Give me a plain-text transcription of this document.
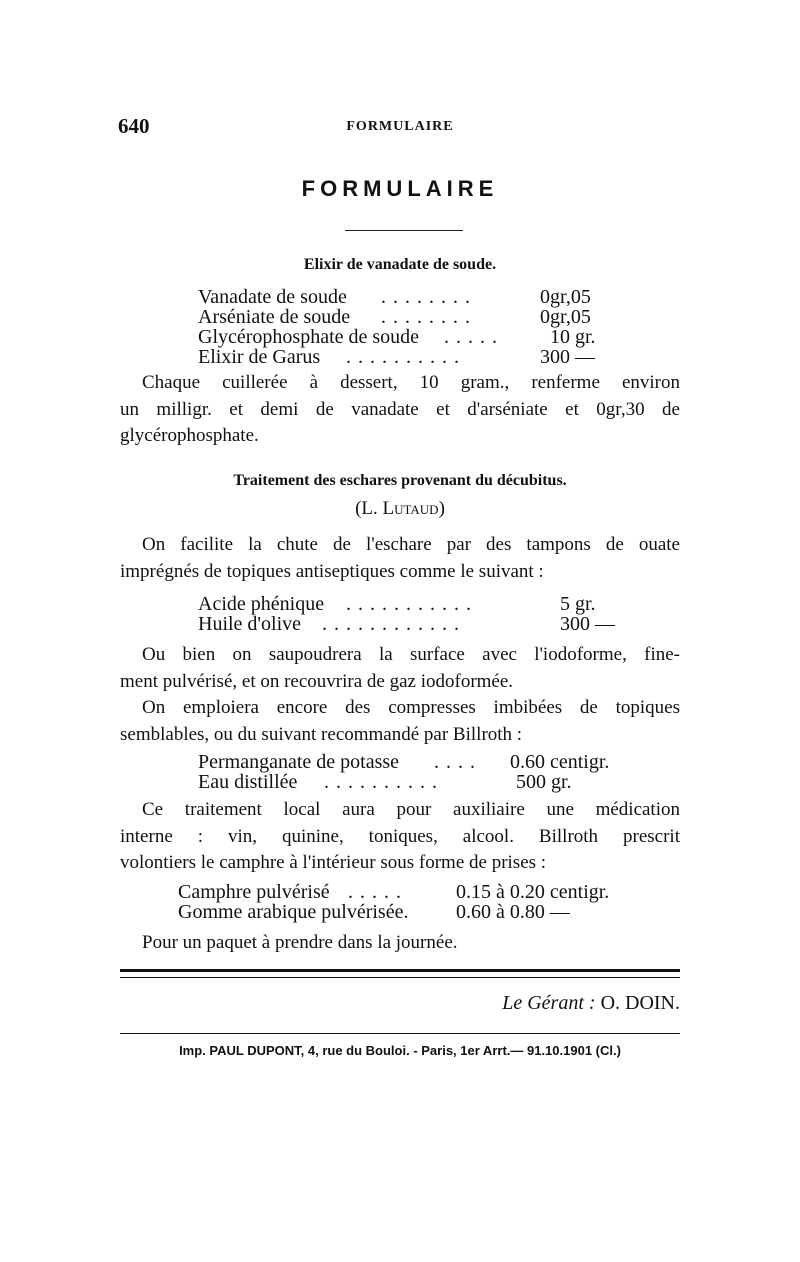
640	FORMULAIRE
FORMULAIRE
Elixir de vanadate de soude.
Vanadate de soude . . . . . . . .	0gr,05
Arséniate de soude . . . . . . . .	0gr,05
Glycérophosphate de soude . . . . .	10 gr.
Elixir de Garus . . . . . . . . . .	300 —
Chaque cuillerée à dessert, 10 gram., renferme environ
un milligr. et demi de vanadate et d'arséniate et 0gr,30 de
glycérophosphate.
Traitement des eschares provenant du décubitus.
(L. Lutaud)
On facilite la chute de l'eschare par des tampons de ouate
imprégnés de topiques antiseptiques comme le suivant :
Acide phénique . . . . . . . . . . .	5 gr.
Huile d'olive . . . . . . . . . . . .	300 —
Ou bien on saupoudrera la surface avec l'iodoforme, fine-
ment pulvérisé, et on recouvrira de gaz iodoformée.
On emploiera encore des compresses imbibées de topiques
semblables, ou du suivant recommandé par Billroth :
Permanganate de potasse . . . . 0.60 centigr.
Eau distillée . . . . . . . . . .	500 gr.
Ce traitement local aura pour auxiliaire une médication
interne : vin, quinine, toniques, alcool. Billroth prescrit
volontiers le camphre à l'intérieur sous forme de prises :
Camphre pulvérisé . . . . .	0.15 à 0.20 centigr.
Gomme arabique pulvérisée. 0.60 à 0.80 —
Pour un paquet à prendre dans la journée.
Le Gérant : O. DOIN.
Imp. PAUL DUPONT, 4, rue du Bouloi. - Paris, 1er Arrt.— 91.10.1901 (Cl.)
